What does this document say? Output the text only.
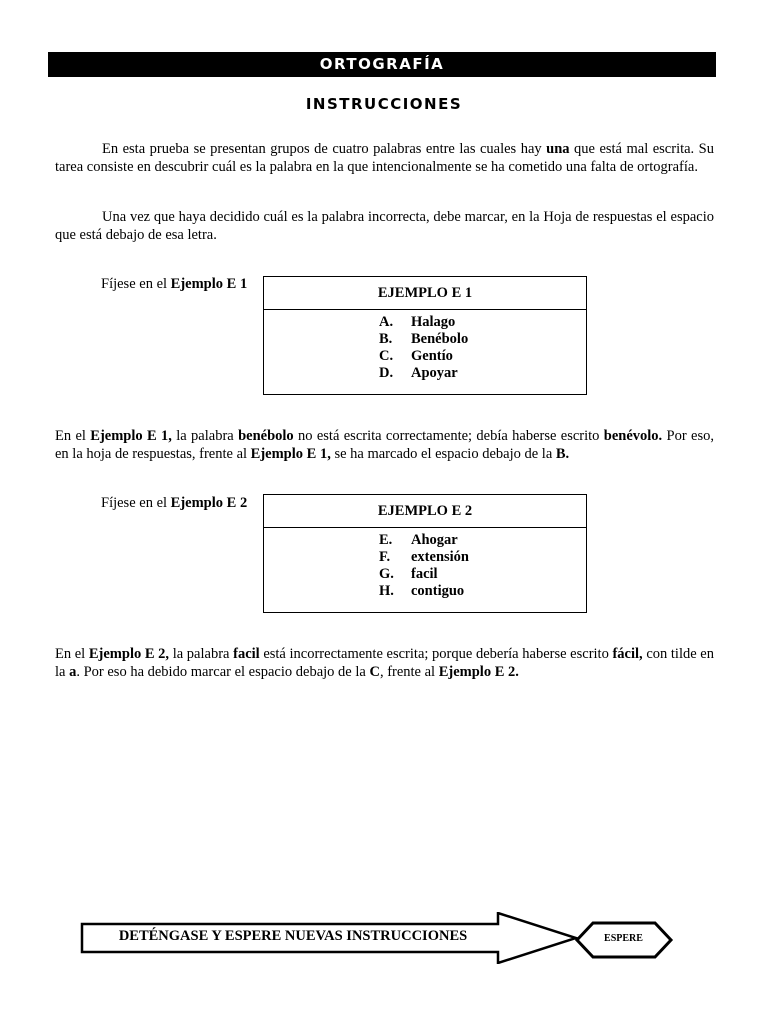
ORTOGRAFÍA
INSTRUCCIONES

En esta prueba se presentan grupos de cuatro palabras entre las cuales hay una que está mal escrita. Su tarea consiste en descubrir cuál es la palabra en la que intencionalmente se ha cometido una falta de ortografía.

Una vez que haya decidido cuál es la palabra incorrecta, debe marcar, en la Hoja de respuestas el espacio que está debajo de esa letra.

Fíjese en el Ejemplo E 1

EJEMPLO E 1
A. Halago
B. Benébolo
C. Gentío
D. Apoyar

En el Ejemplo E 1, la palabra benébolo no está escrita correctamente; debía haberse escrito benévolo. Por eso, en la hoja de respuestas, frente al Ejemplo E 1, se ha marcado el espacio debajo de la B.

Fíjese en el Ejemplo E 2	EJEMPLO E 2
E. Ahogar
F. extensión
G. facil
H. contiguo

En el Ejemplo E 2, la palabra facil está incorrectamente escrita; porque debería haberse escrito fácil, con tilde en la a. Por eso ha debido marcar el espacio debajo de la C, frente al Ejemplo E 2.

DETÉNGASE Y ESPERE NUEVAS INSTRUCCIONES	ESPERE
